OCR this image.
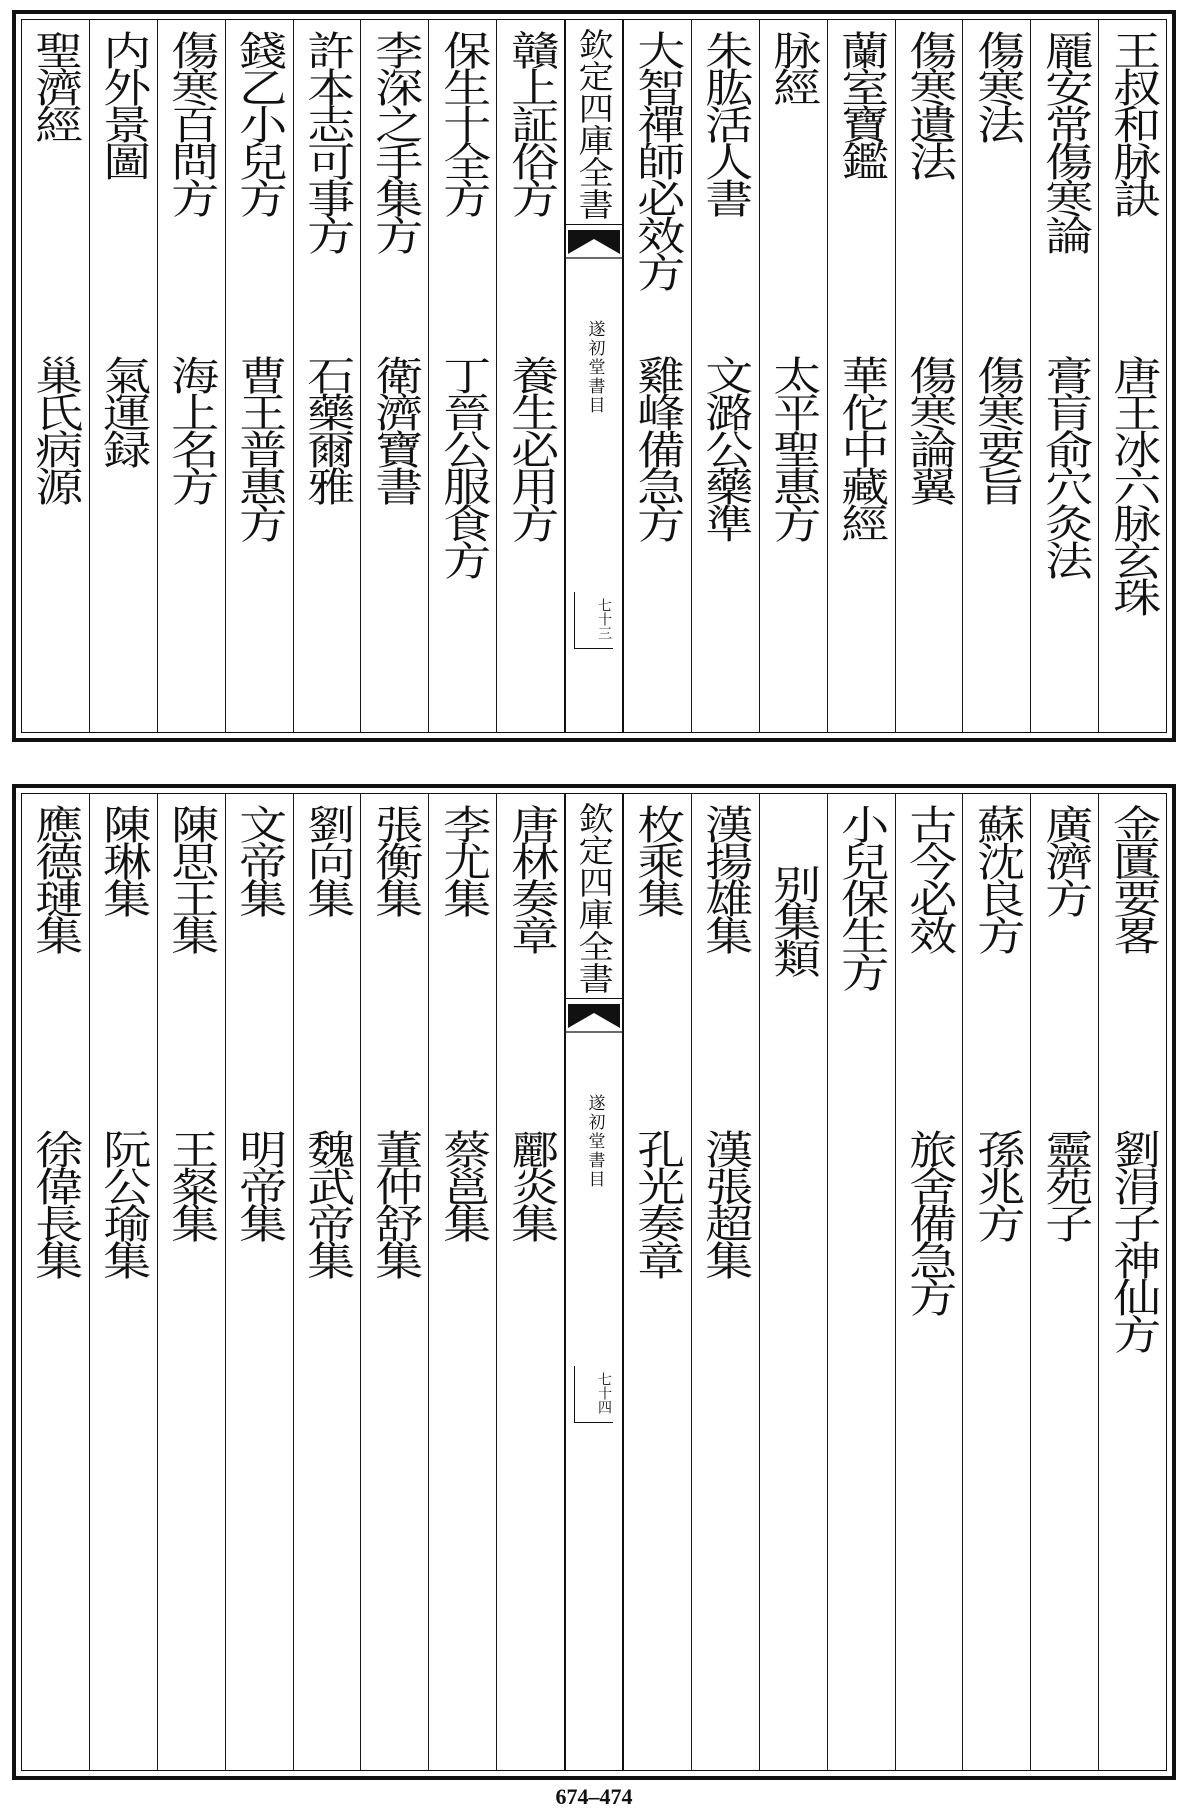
王叔和脉訣
唐王冰六脉玄珠
龎安常傷寒論
膏肓俞穴灸法
傷寒法
傷寒要旨
傷寒遺法
傷寒論翼
蘭室寶鑑
華佗中藏經
脉經
太平聖惠方
朱肱活人書
文潞公藥準
大智禪師必效方
雞峰備急方
欽定四庫全書
遂初堂書目
七十三
贛上証俗方
養生必用方
保生十全方
丁晉公服食方
李深之手集方
衛濟寶書
許本志可事方
石藥爾雅
錢乙小兒方
曹王普惠方
傷寒百問方
海上名方
内外景圖
氣運録
聖濟經
巢氏病源
金匱要畧
劉涓子神仙方
廣濟方
靈苑子
蘇沈良方
孫兆方
古今必效
旅舍備急方
小兒保生方
别集類
漢揚雄集
漢張超集
枚乘集
孔光奏章
欽定四庫全書
遂初堂書目
七十四
唐林奏章
酈炎集
李尤集
蔡邕集
張衡集
董仲舒集
劉向集
魏武帝集
文帝集
明帝集
陳思王集
王粲集
陳琳集
阮公瑜集
應德璉集
徐偉長集
674–474
